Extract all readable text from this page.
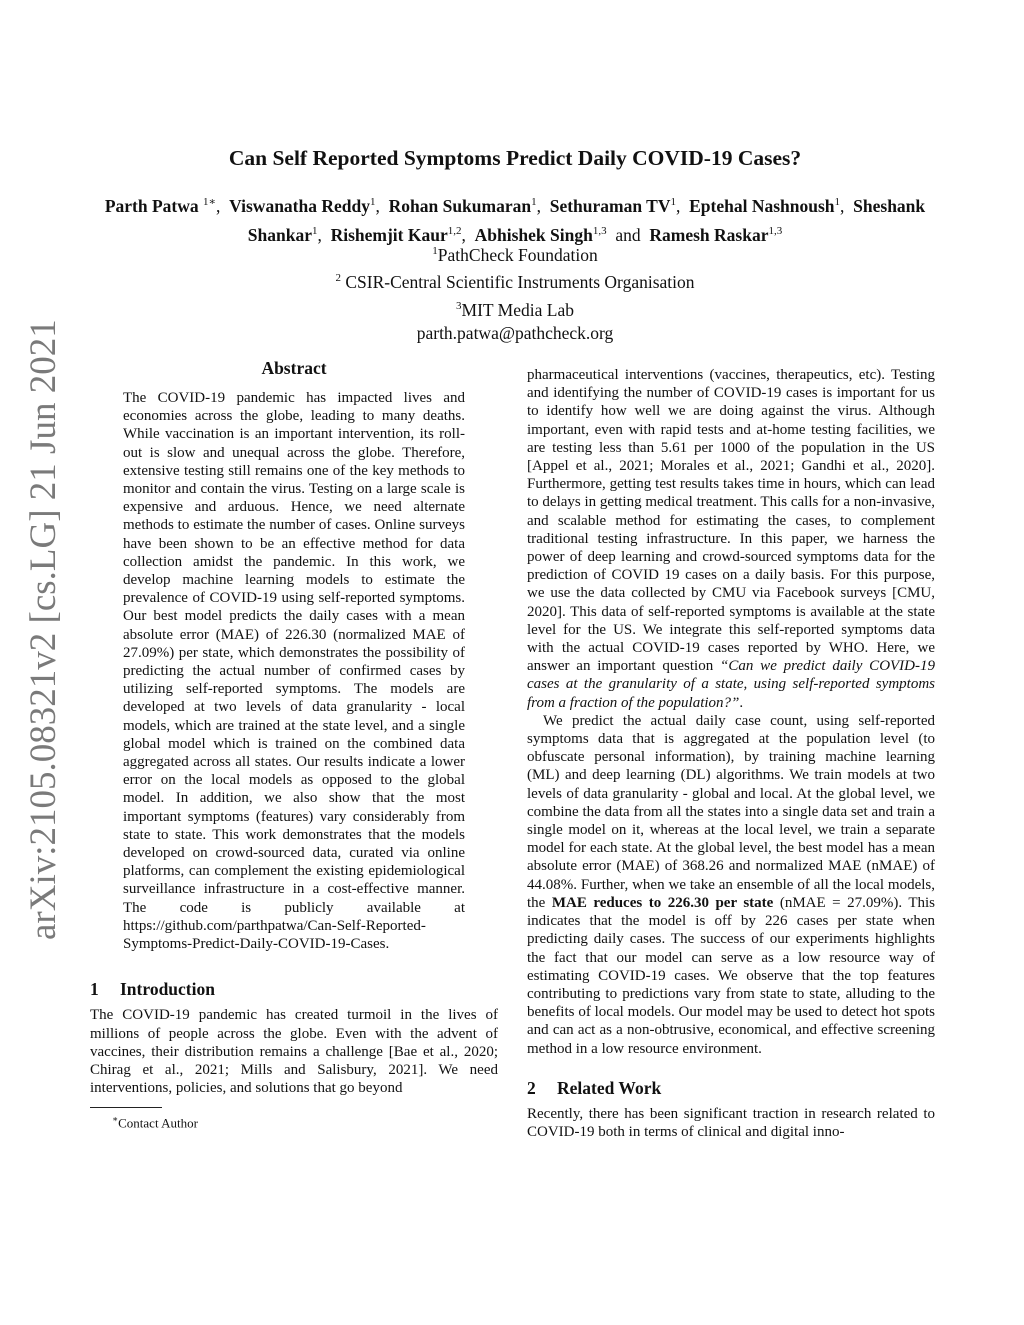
arXiv:2105.08321v2 [cs.LG] 21 Jun 2021
Can Self Reported Symptoms Predict Daily COVID-19 Cases?
Parth Patwa $^{1∗}$,  Viswanatha Reddy$^1$,  Rohan Sukumaran$^1$,  Sethuraman $TV^1$,  Eptehal Nashnoush$^1$,  Sheshank Shankar$^1$,  Rishemjit Kaur$^{1,2}$,  Abhishek Singh$^{1,3}$ and Ramesh Raskar$^{1,3}$
$^1$PathCheck Foundation
$^2$ CSIR-Central Scientific Instruments Organisation
$^3$MIT Media Lab
parth.patwa@pathcheck.org
Abstract

The COVID-19 pandemic has impacted lives and economies across the globe, leading to many deaths. While vaccination is an important intervention, its roll-out is slow and unequal across the globe. Therefore, extensive testing still remains one of the key methods to monitor and contain the virus. Testing on a large scale is expensive and arduous. Hence, we need alternate methods to estimate the number of cases. Online surveys have been shown to be an effective method for data collection amidst the pandemic. In this work, we develop machine learning models to estimate the prevalence of COVID-19 using self-reported symptoms. Our best model predicts the daily cases with a mean absolute error (MAE) of 226.30 (normalized MAE of 27.09%) per state, which demonstrates the possibility of predicting the actual number of confirmed cases by utilizing self-reported symptoms. The models are developed at two levels of data granularity - local models, which are trained at the state level, and a single global model which is trained on the combined data aggregated across all states. Our results indicate a lower error on the local models as opposed to the global model. In addition, we also show that the most important symptoms (features) vary considerably from state to state. This work demonstrates that the models developed on crowd-sourced data, curated via online platforms, can complement the existing epidemiological surveillance infrastructure in a cost-effective manner. The code is publicly available at https://github.com/parthpatwa/Can-Self-Reported-Symptoms-Predict-Daily-COVID-19-Cases.

1 Introduction

The COVID-19 pandemic has created turmoil in the lives of millions of people across the globe. Even with the advent of vaccines, their distribution remains a challenge [Bae et al., 2020; Chirag et al., 2021; Mills and Salisbury, 2021]. We need interventions, policies, and solutions that go beyond

∗Contact Author

pharmaceutical interventions (vaccines, therapeutics, etc). Testing and identifying the number of COVID-19 cases is important for us to identify how well we are doing against the virus. Although important, even with rapid tests and at-home testing facilities, we are testing less than 5.61 per 1000 of the population in the US [Appel et al., 2021; Morales et al., 2021; Gandhi et al., 2020]. Furthermore, getting test results takes time in hours, which can lead to delays in getting medical treatment. This calls for a non-invasive, and scalable method for estimating the cases, to complement traditional testing infrastructure. In this paper, we harness the power of deep learning and crowd-sourced symptoms data for the prediction of COVID 19 cases on a daily basis. For this purpose, we use the data collected by CMU via Facebook surveys [CMU, 2020]. This data of self-reported symptoms is available at the state level for the US. We integrate this self-reported symptoms data with the actual COVID-19 cases reported by WHO. Here, we answer an important question “Can we predict daily COVID-19 cases at the granularity of a state, using self-reported symptoms from a fraction of the population?”.

We predict the actual daily case count, using self-reported symptoms data that is aggregated at the population level (to obfuscate personal information), by training machine learning (ML) and deep learning (DL) algorithms. We train models at two levels of data granularity - global and local. At the global level, we combine the data from all the states into a single data set and train a single model on it, whereas at the local level, we train a separate model for each state. At the global level, the best model has a mean absolute error (MAE) of 368.26 and normalized MAE (nMAE) of 44.08%. Further, when we take an ensemble of all the local models, the MAE reduces to 226.30 per state (nMAE = 27.09%). This indicates that the model is off by 226 cases per state when predicting daily cases. The success of our experiments highlights the fact that our model can serve as a low resource way of estimating COVID-19 cases. We observe that the top features contributing to predictions vary from state to state, alluding to the benefits of local models. Our model may be used to detect hot spots and can act as a non-obtrusive, economical, and effective screening method in a low resource environment.

2 Related Work

Recently, there has been significant traction in research related to COVID-19 both in terms of clinical and digital inno-
